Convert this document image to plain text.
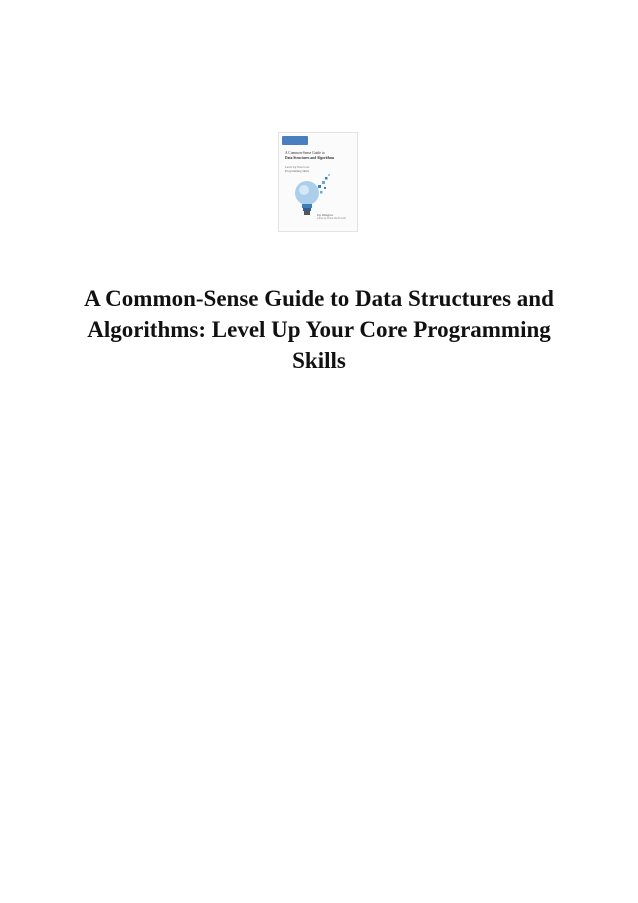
A Common-Sense Guide to
Data Structures and Algorithms
Level Up Your Core
Programming Skills
Jay Wengrow
edited by Brian MacDonald
A Common-Sense Guide to Data Structures and
Algorithms: Level Up Your Core Programming
Skills
